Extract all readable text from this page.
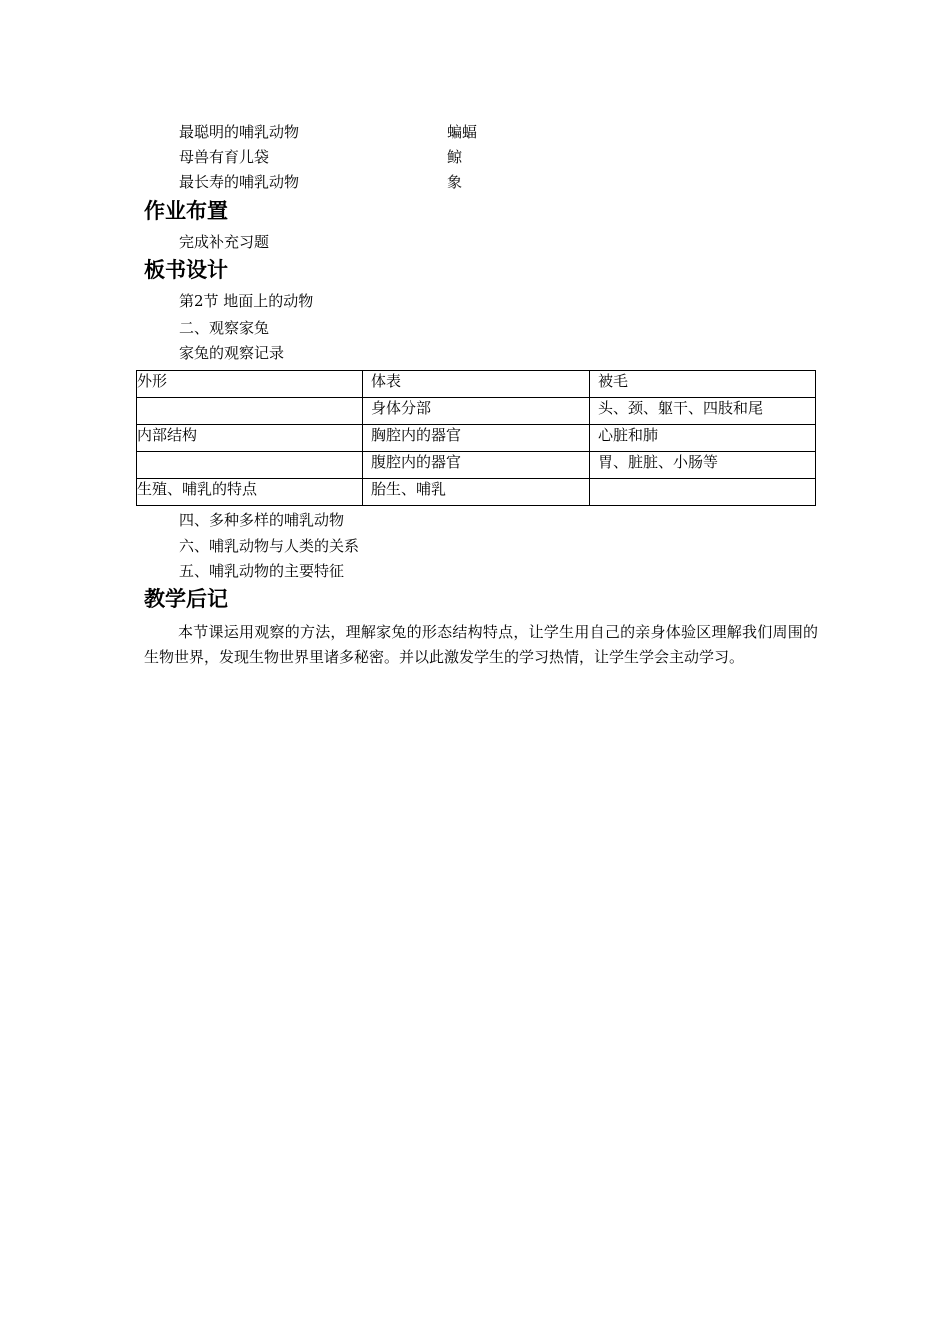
最聪明的哺乳动物	蝙蝠
母兽有育儿袋	鲸
最长寿的哺乳动物	象
作业布置
完成补充习题
板书设计
第2节 地面上的动物
二、观察家兔
家兔的观察记录
外形	体表	被毛
	身体分部	头、颈、躯干、四肢和尾
内部结构	胸腔内的器官	心脏和肺
	腹腔内的器官	胃、脏脏、小肠等
生殖、哺乳的特点	胎生、哺乳	
四、多种多样的哺乳动物
六、哺乳动物与人类的关系
五、哺乳动物的主要特征
教学后记
本节课运用观察的方法，理解家兔的形态结构特点，让学生用自己的亲身体验区理解我们周围的生物世界，发现生物世界里诸多秘密。并以此激发学生的学习热情，让学生学会主动学习。
